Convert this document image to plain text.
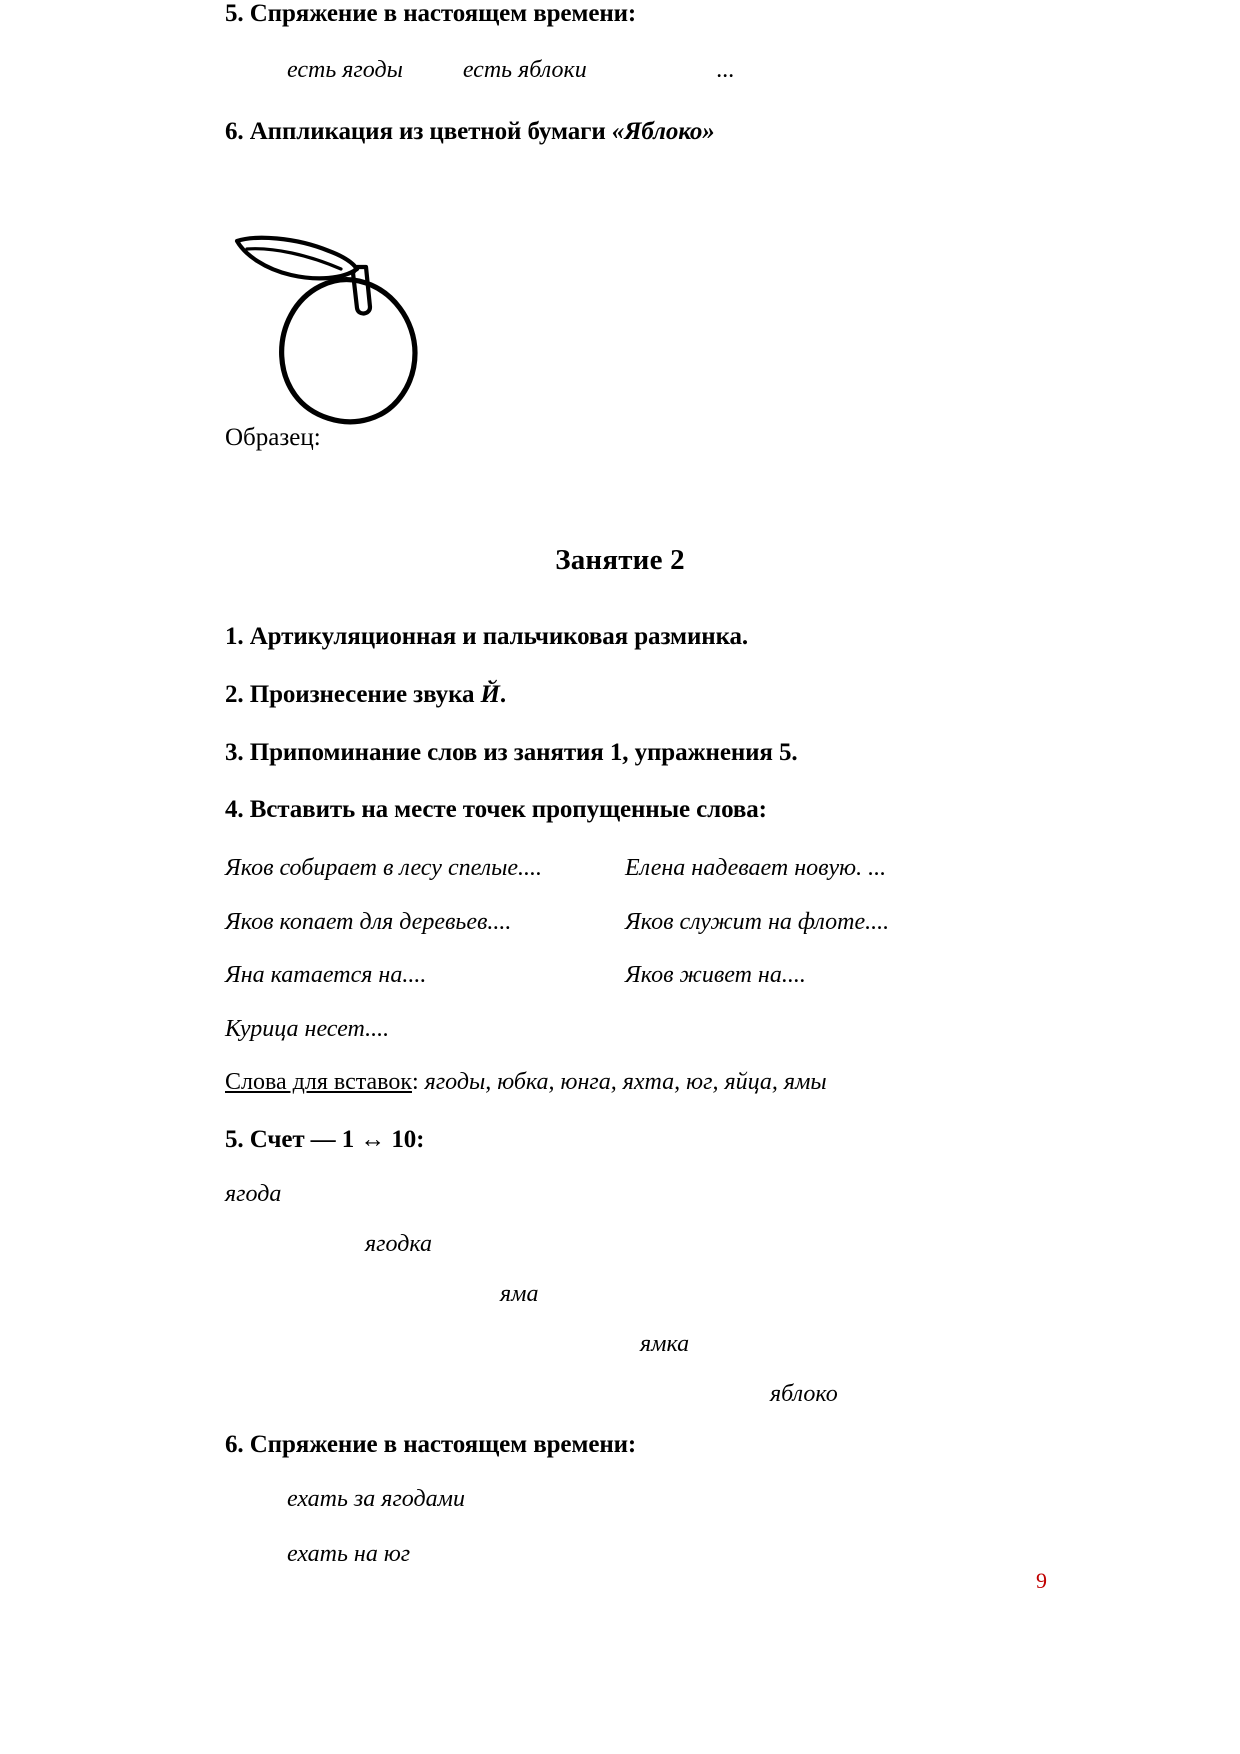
5. Спряжение в настоящем времени:
есть ягоды	есть яблоки	...
6. Аппликация из цветной бумаги «Яблоко»
Образец:
Занятие 2
1. Артикуляционная и пальчиковая разминка.
2. Произнесение звука Й.
3. Припоминание слов из занятия 1, упражнения 5.
4. Вставить на месте точек пропущенные слова:
Яков собирает в лесу спелые....	Елена надевает новую. ...
Яков копает для деревьев....	Яков служит на флоте....
Яна катается на....	Яков живет на....
Курица несет....
Слова для вставок: ягоды, юбка, юнга, яхта, юг, яйца, ямы
5. Счет — 1 ↔ 10:
ягода
ягодка
яма
ямка
яблоко
6. Спряжение в настоящем времени:
ехать за ягодами
ехать на юг
9
